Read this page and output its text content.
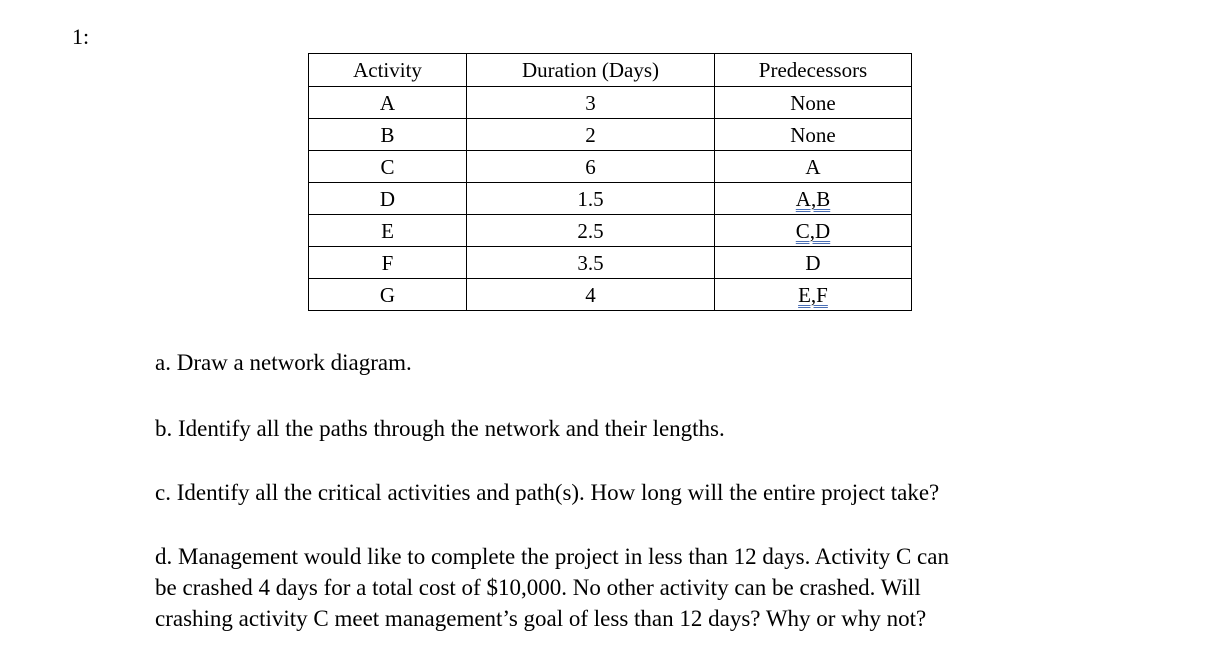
1:
Activity	Duration (Days)	Predecessors
A	3	None
B	2	None
C	6	A
D	1.5	A,B
E	2.5	C,D
F	3.5	D
G	4	E,F

a. Draw a network diagram.

b. Identify all the paths through the network and their lengths.

c. Identify all the critical activities and path(s). How long will the entire project take?

d. Management would like to complete the project in less than 12 days. Activity C can
be crashed 4 days for a total cost of $10,000. No other activity can be crashed. Will
crashing activity C meet management’s goal of less than 12 days? Why or why not?
